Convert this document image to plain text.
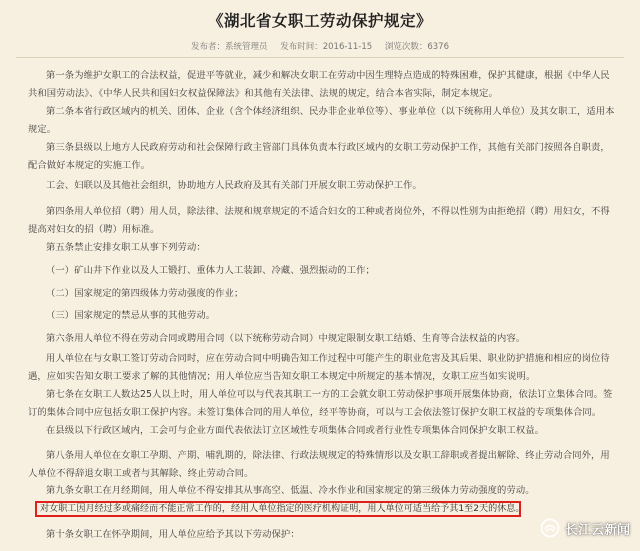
《湖北省女职工劳动保护规定》
发布者：系统管理员 发布时间：2016-11-15 浏览次数：6376
第一条为维护女职工的合法权益，促进平等就业，减少和解决女职工在劳动中因生理特点造成的特殊困难，保护其健康，根据《中华人民共和国劳动法》、《中华人民共和国妇女权益保障法》和其他有关法律、法规的规定，结合本省实际，制定本规定。
第二条本省行政区域内的机关、团体、企业（含个体经济组织、民办非企业单位等）、事业单位（以下统称用人单位）及其女职工，适用本规定。
第三条县级以上地方人民政府劳动和社会保障行政主管部门具体负责本行政区域内的女职工劳动保护工作，其他有关部门按照各自职责，配合做好本规定的实施工作。
工会、妇联以及其他社会组织，协助地方人民政府及其有关部门开展女职工劳动保护工作。
第四条用人单位招（聘）用人员，除法律、法规和规章规定的不适合妇女的工种或者岗位外，不得以性别为由拒绝招（聘）用妇女，不得提高对妇女的招（聘）用标准。
第五条禁止安排女职工从事下列劳动：
（一）矿山井下作业以及人工锻打、重体力人工装卸、冷藏、强烈振动的工作；
（二）国家规定的第四级体力劳动强度的作业；
（三）国家规定的禁忌从事的其他劳动。
第六条用人单位不得在劳动合同或聘用合同（以下统称劳动合同）中规定限制女职工结婚、生育等合法权益的内容。
用人单位在与女职工签订劳动合同时，应在劳动合同中明确告知工作过程中可能产生的职业危害及其后果、职业防护措施和相应的岗位待遇，应如实告知女职工要求了解的其他情况；用人单位应当告知女职工本规定中所规定的基本情况，女职工应当如实说明。
第七条在女职工人数达25人以上时，用人单位可以与代表其职工一方的工会就女职工劳动保护事项开展集体协商，依法订立集体合同。签订的集体合同中应包括女职工保护内容。未签订集体合同的用人单位，经平等协商，可以与工会依法签订保护女职工权益的专项集体合同。
在县级以下行政区域内，工会可与企业方面代表依法订立区域性专项集体合同或者行业性专项集体合同保护女职工权益。
第八条用人单位在女职工孕期、产期、哺乳期的，除法律、行政法规规定的特殊情形以及女职工辞职或者提出解除、终止劳动合同外，用人单位不得辞退女职工或者与其解除、终止劳动合同。
第九条女职工在月经期间，用人单位不得安排其从事高空、低温、冷水作业和国家规定的第三级体力劳动强度的劳动。
对女职工因月经过多或痛经而不能正常工作的，经用人单位指定的医疗机构证明，用人单位可适当给予其1至2天的休息。
第十条女职工在怀孕期间，用人单位应给予其以下劳动保护：	长江云新闻
